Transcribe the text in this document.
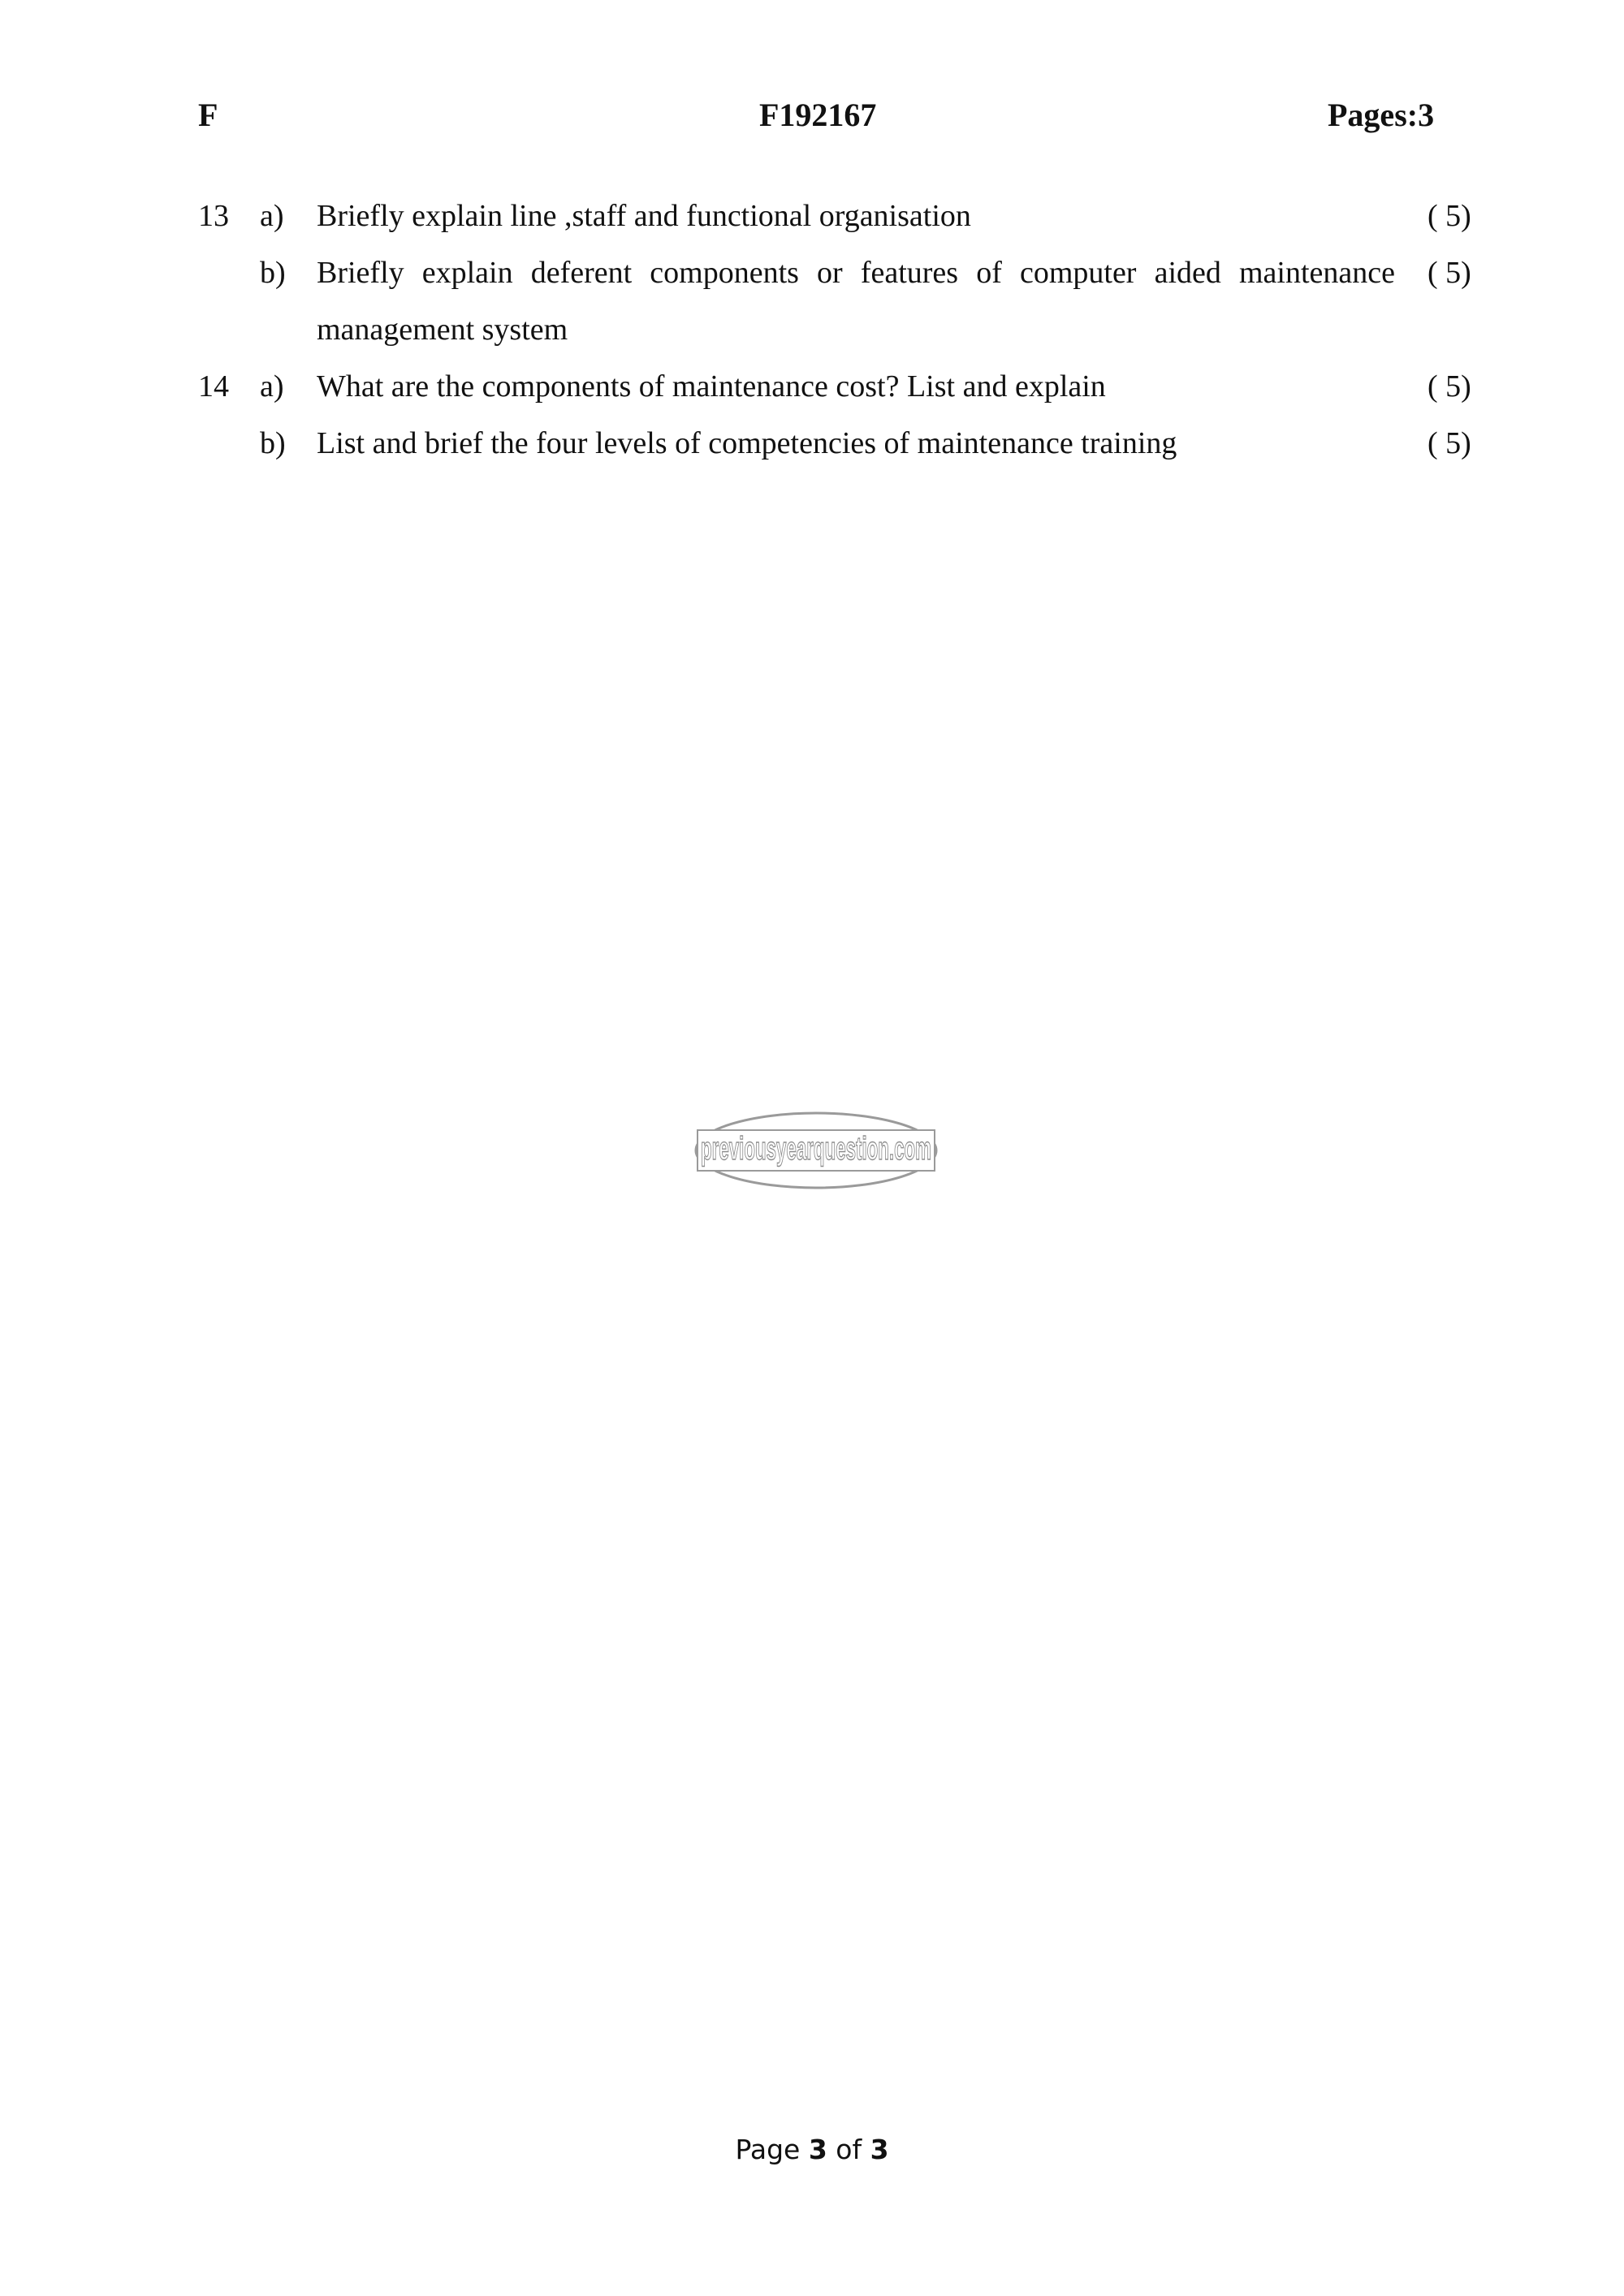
F	F192167	Pages:3
13 a) Briefly explain line ,staff and functional organisation	( 5)
b) Briefly explain deferent components or features of computer aided maintenance ( 5)
management system
14 a) What are the components of maintenance cost? List and explain	( 5)
b) List and brief the four levels of competencies of maintenance training	( 5)
previousyearquestion.com
Page 3 of 3
